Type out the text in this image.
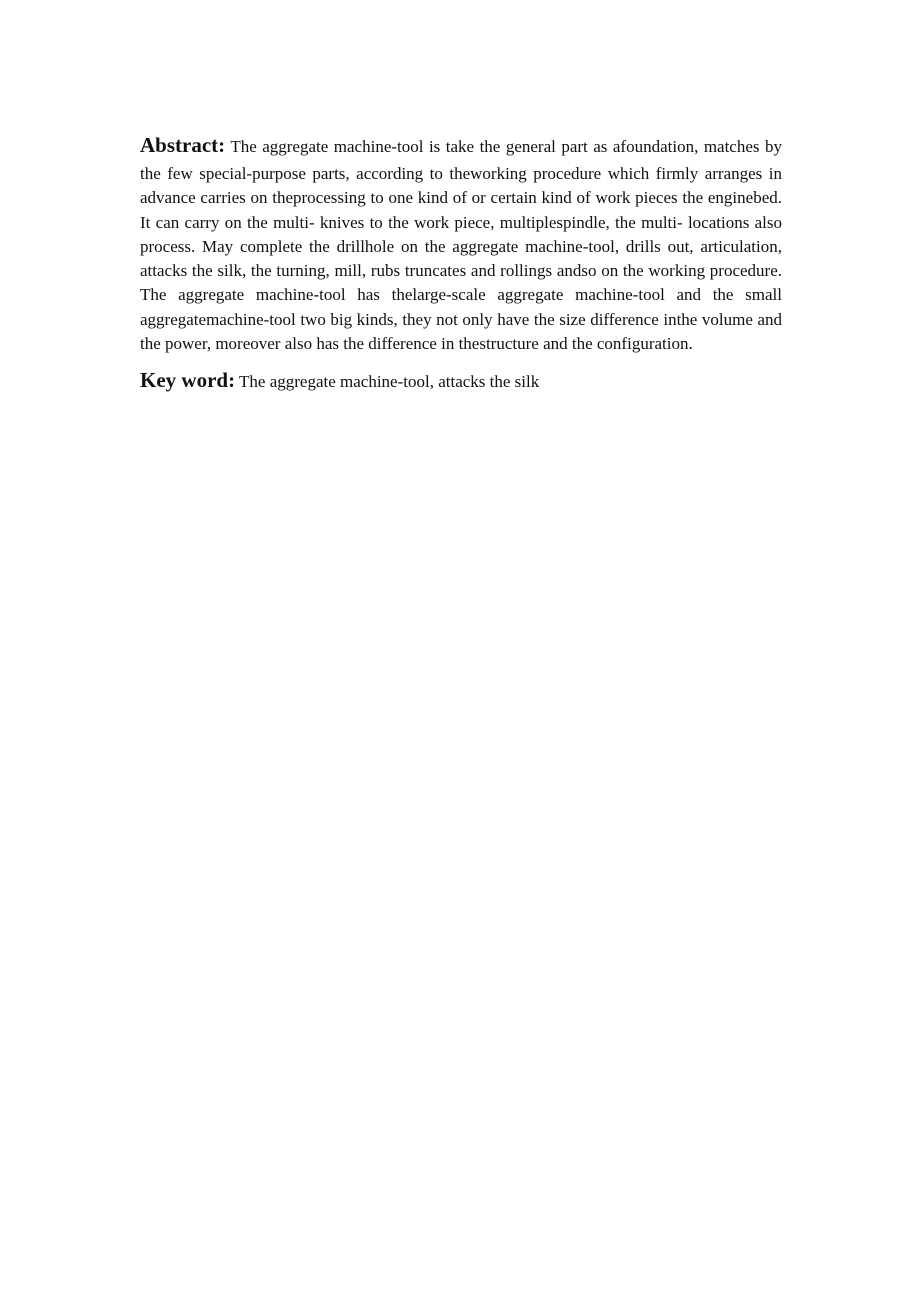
Abstract: The aggregate machine-tool is take the general part as afoundation, matches by the few special-purpose parts, according to theworking procedure which firmly arranges in advance carries on theprocessing to one kind of or certain kind of work pieces the enginebed. It can carry on the multi- knives to the work piece, multiplespindle, the multi- locations also process. May complete the drillhole on the aggregate machine-tool, drills out, articulation, attacks the silk, the turning, mill, rubs truncates and rollings andso on the working procedure. The aggregate machine-tool has thelarge-scale aggregate machine-tool and the small aggregatemachine-tool two big kinds, they not only have the size difference inthe volume and the power, moreover also has the difference in thestructure and the configuration.

Key word: The aggregate machine-tool, attacks the silk
